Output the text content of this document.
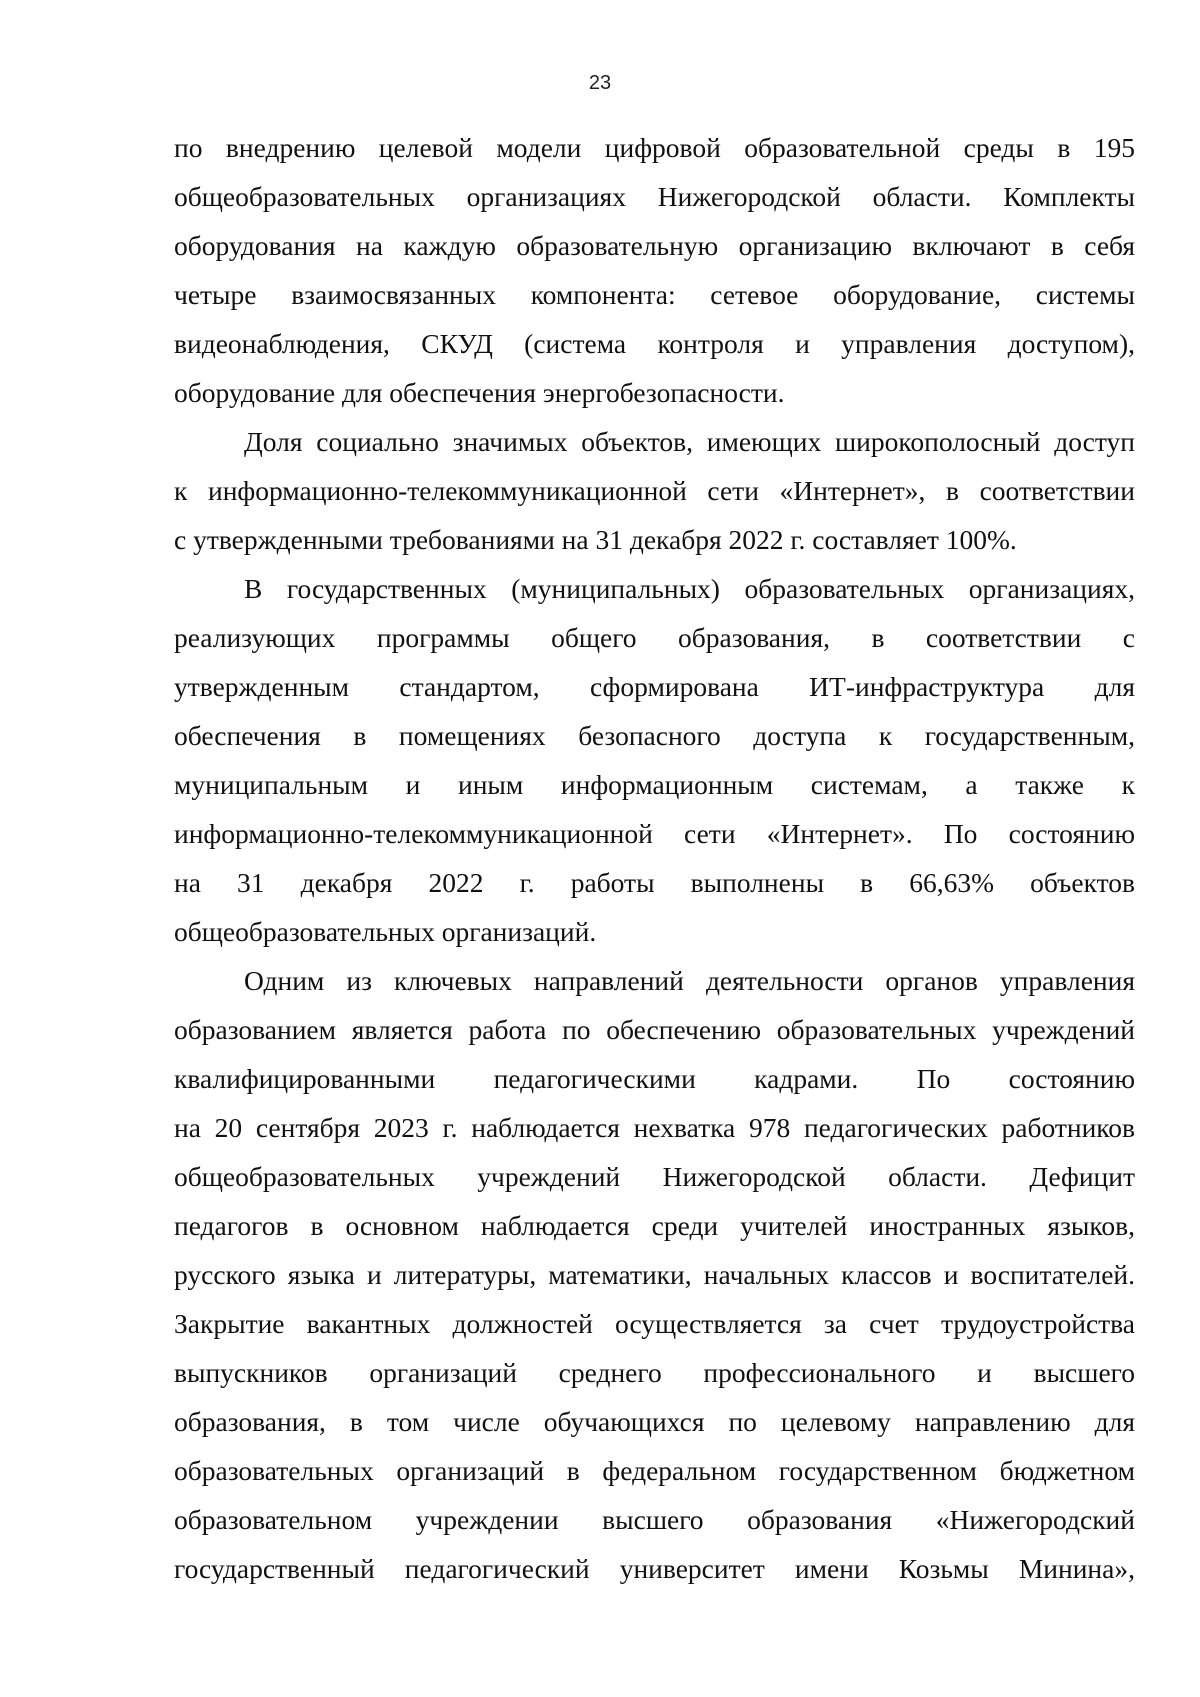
23
по внедрению целевой модели цифровой образовательной среды в 195
общеобразовательных организациях Нижегородской области. Комплекты
оборудования на каждую образовательную организацию включают в себя
четыре взаимосвязанных компонента: сетевое оборудование, системы
видеонаблюдения, СКУД (система контроля и управления доступом),
оборудование для обеспечения энергобезопасности.
Доля социально значимых объектов, имеющих широкополосный доступ
к информационно-телекоммуникационной сети «Интернет», в соответствии
с утвержденными требованиями на 31 декабря 2022 г. составляет 100%.
В государственных (муниципальных) образовательных организациях,
реализующих программы общего образования, в соответствии с
утвержденным стандартом, сформирована ИТ-инфраструктура для
обеспечения в помещениях безопасного доступа к государственным,
муниципальным и иным информационным системам, а также к
информационно-телекоммуникационной сети «Интернет». По состоянию
на 31 декабря 2022 г. работы выполнены в 66,63% объектов
общеобразовательных организаций.
Одним из ключевых направлений деятельности органов управления
образованием является работа по обеспечению образовательных учреждений
квалифицированными педагогическими кадрами. По состоянию
на 20 сентября 2023 г. наблюдается нехватка 978 педагогических работников
общеобразовательных учреждений Нижегородской области. Дефицит
педагогов в основном наблюдается среди учителей иностранных языков,
русского языка и литературы, математики, начальных классов и воспитателей.
Закрытие вакантных должностей осуществляется за счет трудоустройства
выпускников организаций среднего профессионального и высшего
образования, в том числе обучающихся по целевому направлению для
образовательных организаций в федеральном государственном бюджетном
образовательном учреждении высшего образования «Нижегородский
государственный педагогический университет имени Козьмы Минина»,
